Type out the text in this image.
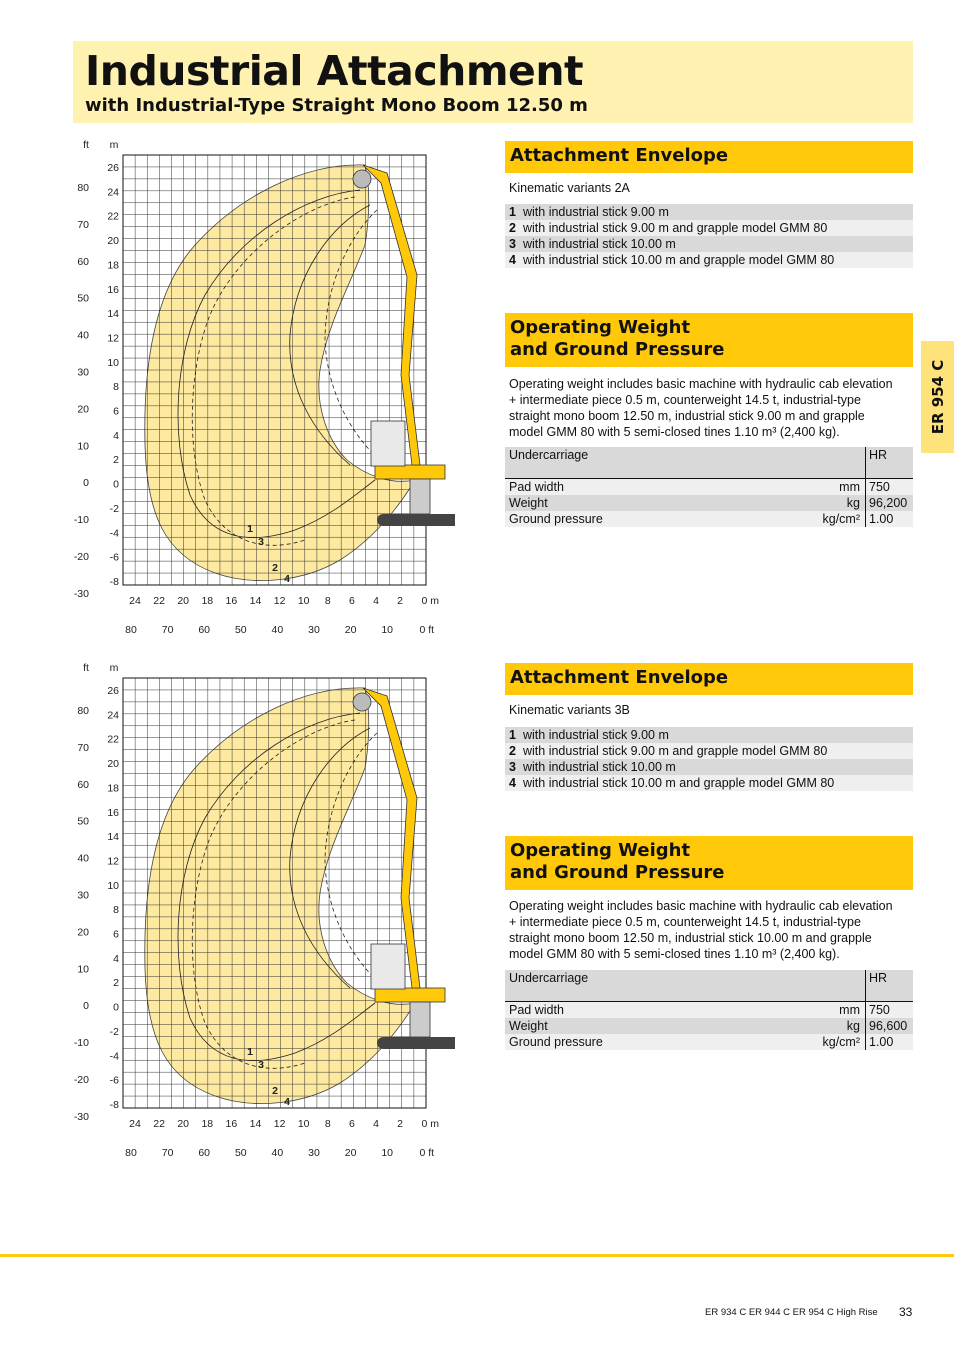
Industrial Attachment
with Industrial-Type Straight Mono Boom 12.50 m
ER 954 C
1
3
2
4
ft m
26
24
22
20
18
16
14
12
10
8
6
4
2
0
-2
-4
-6
-8
80
70
60
50
40
30
20
10
0
-10
-20
-30
24 22 20 18 16 14 12 10 8 6 4 2 0 m
80 70 60 50 40 30 20 10	0 ft
1
3
2
4
ft m
26
24
22
20
18
16
14
12
10
8
6
4
2
0
-2
-4
-6
-8
80
70
60
50
40
30
20
10
0
-10
-20
-30
24 22 20 18 16 14 12 10 8 6 4 2 0 m
80 70 60 50 40 30 20 10	0 ft
Attachment Envelope
Kinematic variants 2A
1 with industrial stick 9.00 m
2 with industrial stick 9.00 m and grapple model GMM 80
3 with industrial stick 10.00 m
4 with industrial stick 10.00 m and grapple model GMM 80
Operating Weight
and Ground Pressure
Operating weight includes basic machine with hydraulic cab elevation
+ intermediate piece 0.5 m, counterweight 14.5 t, industrial-type
straight mono boom 12.50 m, industrial stick 9.00 m and grapple
model GMM 80 with 5 semi-closed tines 1.10 m³ (2,400 kg).
Undercarriage	HR
Pad width	mm 750
Weight	kg 96,200
Ground pressure	kg/cm² 1.00
Attachment Envelope
Kinematic variants 3B
1 with industrial stick 9.00 m
2 with industrial stick 9.00 m and grapple model GMM 80
3 with industrial stick 10.00 m
4 with industrial stick 10.00 m and grapple model GMM 80
Operating Weight
and Ground Pressure
Operating weight includes basic machine with hydraulic cab elevation
+ intermediate piece 0.5 m, counterweight 14.5 t, industrial-type
straight mono boom 12.50 m, industrial stick 10.00 m and grapple
model GMM 80 with 5 semi-closed tines 1.10 m³ (2,400 kg).
Undercarriage	HR
Pad width	mm 750
Weight	kg 96,600
Ground pressure	kg/cm² 1.00
ER 934 C ER 944 C ER 954 C High Rise 33
